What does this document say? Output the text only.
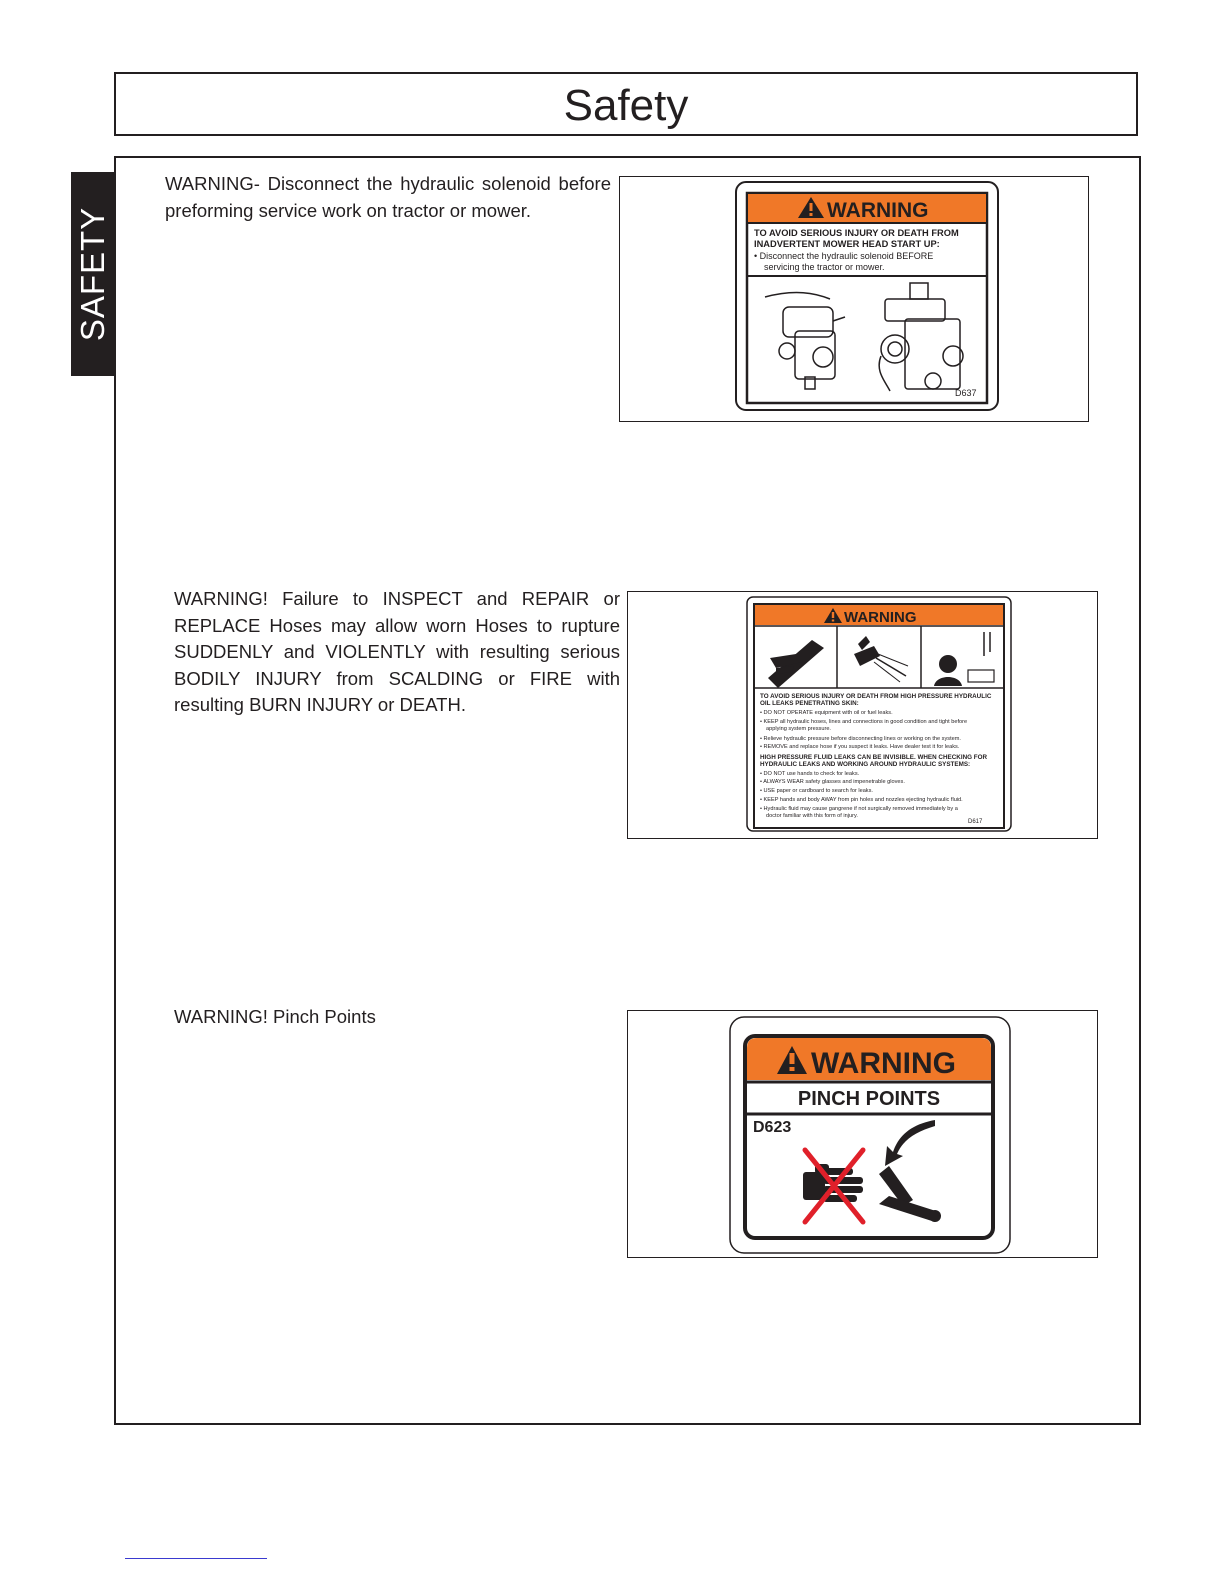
Safety
SAFETY
WARNING- Disconnect the hydraulic solenoid before preforming service work on tractor or mower.	WARNING
TO AVOID SERIOUS INJURY OR DEATH FROM
INADVERTENT MOWER HEAD START UP:
• Disconnect the hydraulic solenoid BEFORE
servicing the tractor or mower.
D637
WARNING! Failure to INSPECT and REPAIR or REPLACE Hoses may allow worn Hoses to rupture SUDDENLY and VIOLENTLY with resulting serious BODILY INJURY from SCALDING or FIRE with resulting BURN INJURY or DEATH.
WARNING
TO AVOID SERIOUS INJURY OR DEATH FROM HIGH PRESSURE HYDRAULIC
OIL LEAKS PENETRATING SKIN:
• DO NOT OPERATE equipment with oil or fuel leaks.
• KEEP all hydraulic hoses, lines and connections in good condition and tight before
applying system pressure.
• Relieve hydraulic pressure before disconnecting lines or working on the system.
• REMOVE and replace hose if you suspect it leaks. Have dealer test it for leaks.
HIGH PRESSURE FLUID LEAKS CAN BE INVISIBLE. WHEN CHECKING FOR
HYDRAULIC LEAKS AND WORKING AROUND HYDRAULIC SYSTEMS:
• DO NOT use hands to check for leaks.
• ALWAYS WEAR safety glasses and impenetrable gloves.
• USE paper or cardboard to search for leaks.
• KEEP hands and body AWAY from pin holes and nozzles ejecting hydraulic fluid.
• Hydraulic fluid may cause gangrene if not surgically removed immediately by a
doctor familiar with this form of injury.
D617
WARNING! Pinch Points
WARNING
PINCH POINTS
D623
